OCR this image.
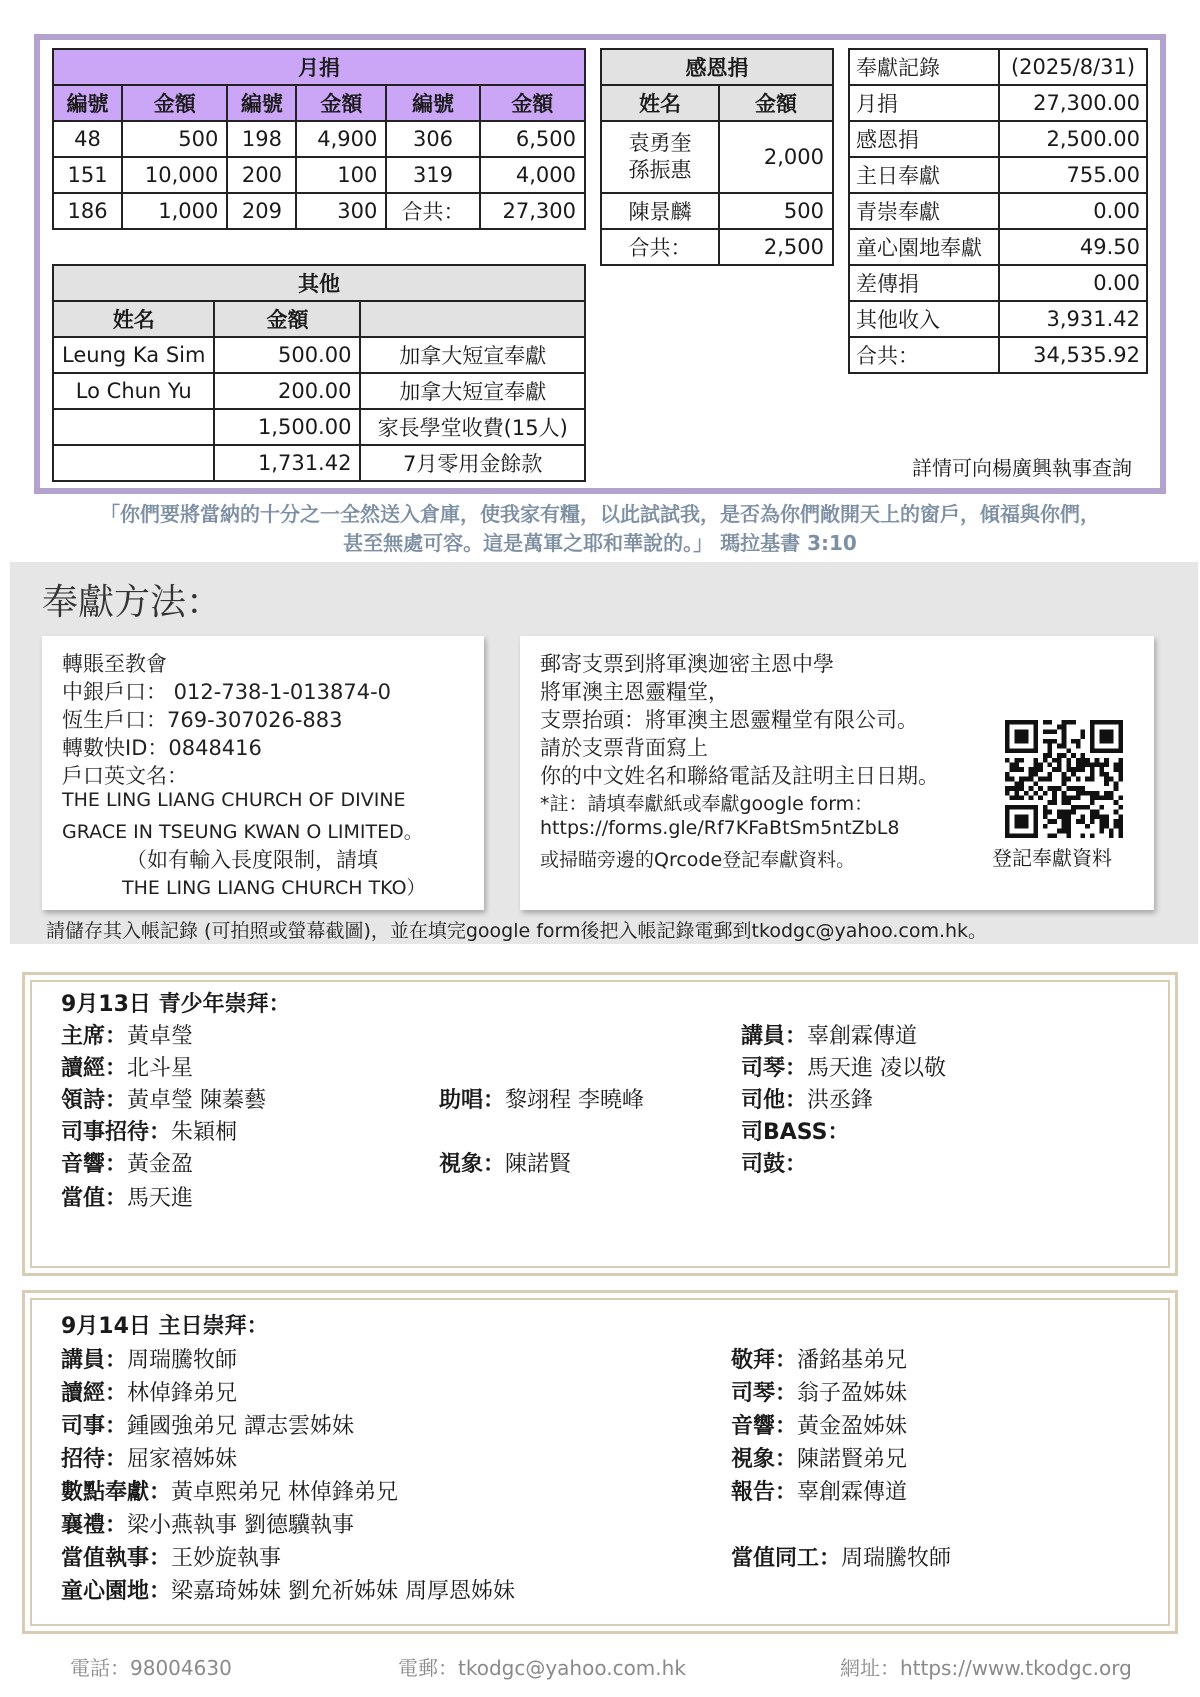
月捐					
編號	金額	編號	金額	編號	金額
48	500	198	4,900	306	6,500
151	10,000	200	100	319	4,000
186	1,000	209	300	合共：	27,300
感恩捐	
姓名	金額

袁勇奎
孫振惠	2,000
陳景麟	500
合共：	2,500
奉獻記錄	(2025/8/31)
月捐	27,300.00
感恩捐	2,500.00
主日奉獻	755.00
青崇奉獻	0.00
童心園地奉獻	49.50
差傳捐	0.00
其他收入	3,931.42
合共：	34,535.92
其他		
姓名	金額	
Leung Ka Sim	500.00	加拿大短宣奉獻
Lo Chun Yu	200.00	加拿大短宣奉獻
	1,500.00	家長學堂收費(15人)
	1,731.42	7月零用金餘款	詳情可向楊廣興執事查詢
「你們要將當納的十分之一全然送入倉庫，使我家有糧，以此試試我，是否為你們敞開天上的窗戶，傾福與你們，
甚至無處可容。這是萬軍之耶和華說的。」 瑪拉基書 3:10
奉獻方法：
轉賬至教會
中銀戶口： 012-738-1-013874-0
恆生戶口：769-307026-883
轉數快ID：0848416
戶口英文名：
THE LING LIANG CHURCH OF DIVINE
GRACE IN TSEUNG KWAN O LIMITED。
（如有輸入長度限制，請填
THE LING LIANG CHURCH TKO）
郵寄支票到將軍澳迦密主恩中學
將軍澳主恩靈糧堂，
支票抬頭：將軍澳主恩靈糧堂有限公司。
請於支票背面寫上
你的中文姓名和聯絡電話及註明主日日期。
*註：請填奉獻紙或奉獻google form：
https://forms.gle/Rf7KFaBtSm5ntZbL8
或掃瞄旁邊的Qrcode登記奉獻資料。	登記奉獻資料
請儲存其入帳記錄 (可拍照或螢幕截圖)，並在填完google form後把入帳記錄電郵到tkodgc@yahoo.com.hk。
9月13日 青少年崇拜：
主席：黃卓瑩
讀經：北斗星
領詩：黃卓瑩 陳蓁藝
司事招待：朱穎桐
音響：黃金盈
當值：馬天進
助唱：黎翊程 李曉峰
視象：陳諾賢
講員：辜創霖傳道
司琴：馬天進 凌以敬
司他：洪丞鋒
司BASS：
司鼓：
9月14日 主日崇拜：
講員：周瑞騰牧師
讀經：林倬鋒弟兄
司事：鍾國強弟兄 譚志雲姊妹
招待：屈家禧姊妹
數點奉獻：黃卓熙弟兄 林倬鋒弟兄
襄禮：梁小燕執事 劉德驥執事
當值執事：王妙旋執事
童心園地：梁嘉琦姊妹 劉允祈姊妹 周厚恩姊妹
敬拜：潘銘基弟兄
司琴：翁子盈姊妹
音響：黃金盈姊妹
視象：陳諾賢弟兄
報告：辜創霖傳道
當值同工：周瑞騰牧師
電話：98004630	電郵：tkodgc@yahoo.com.hk	網址：https://www.tkodgc.org
